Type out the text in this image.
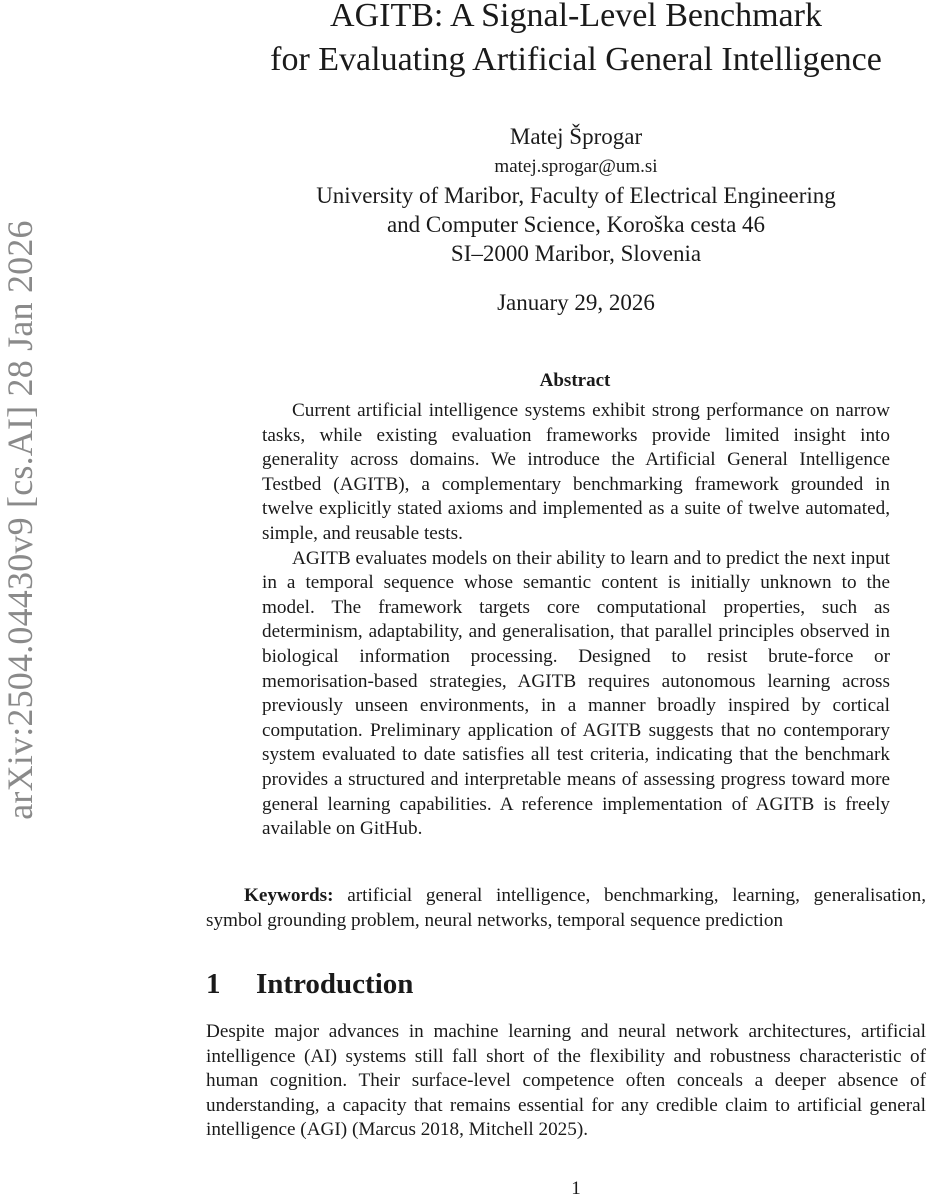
arXiv:2504.04430v9 [cs.AI] 28 Jan 2026
AGITB: A Signal-Level Benchmark
for Evaluating Artificial General Intelligence
Matej Šprogar
matej.sprogar@um.si
University of Maribor, Faculty of Electrical Engineering
and Computer Science, Koroška cesta 46
SI–2000 Maribor, Slovenia
January 29, 2026
Abstract

Current artificial intelligence systems exhibit strong performance on narrow tasks, while existing evaluation frameworks provide limited insight into generality across domains. We introduce the Artificial General Intelligence Testbed (AGITB), a complementary benchmarking framework grounded in twelve explicitly stated axioms and implemented as a suite of twelve automated, simple, and reusable tests.

AGITB evaluates models on their ability to learn and to predict the next input in a temporal sequence whose semantic content is initially unknown to the model. The framework targets core computational properties, such as determinism, adaptability, and generalisation, that parallel principles observed in biological information processing. Designed to resist brute-force or memorisation-based strategies, AGITB requires autonomous learning across previously unseen environments, in a manner broadly inspired by cortical computation. Preliminary application of AGITB suggests that no contemporary system evaluated to date satisfies all test criteria, indicating that the benchmark provides a structured and interpretable means of assessing progress toward more general learning capabilities. A reference implementation of AGITB is freely available on GitHub.

Keywords: artificial general intelligence, benchmarking, learning, generalisation, symbol grounding problem, neural networks, temporal sequence prediction
1 Introduction

Despite major advances in machine learning and neural network architectures, artificial intelligence (AI) systems still fall short of the flexibility and robustness characteristic of human cognition. Their surface-level competence often conceals a deeper absence of understanding, a capacity that remains essential for any credible claim to artificial general intelligence (AGI) (Marcus 2018, Mitchell 2025).

1
